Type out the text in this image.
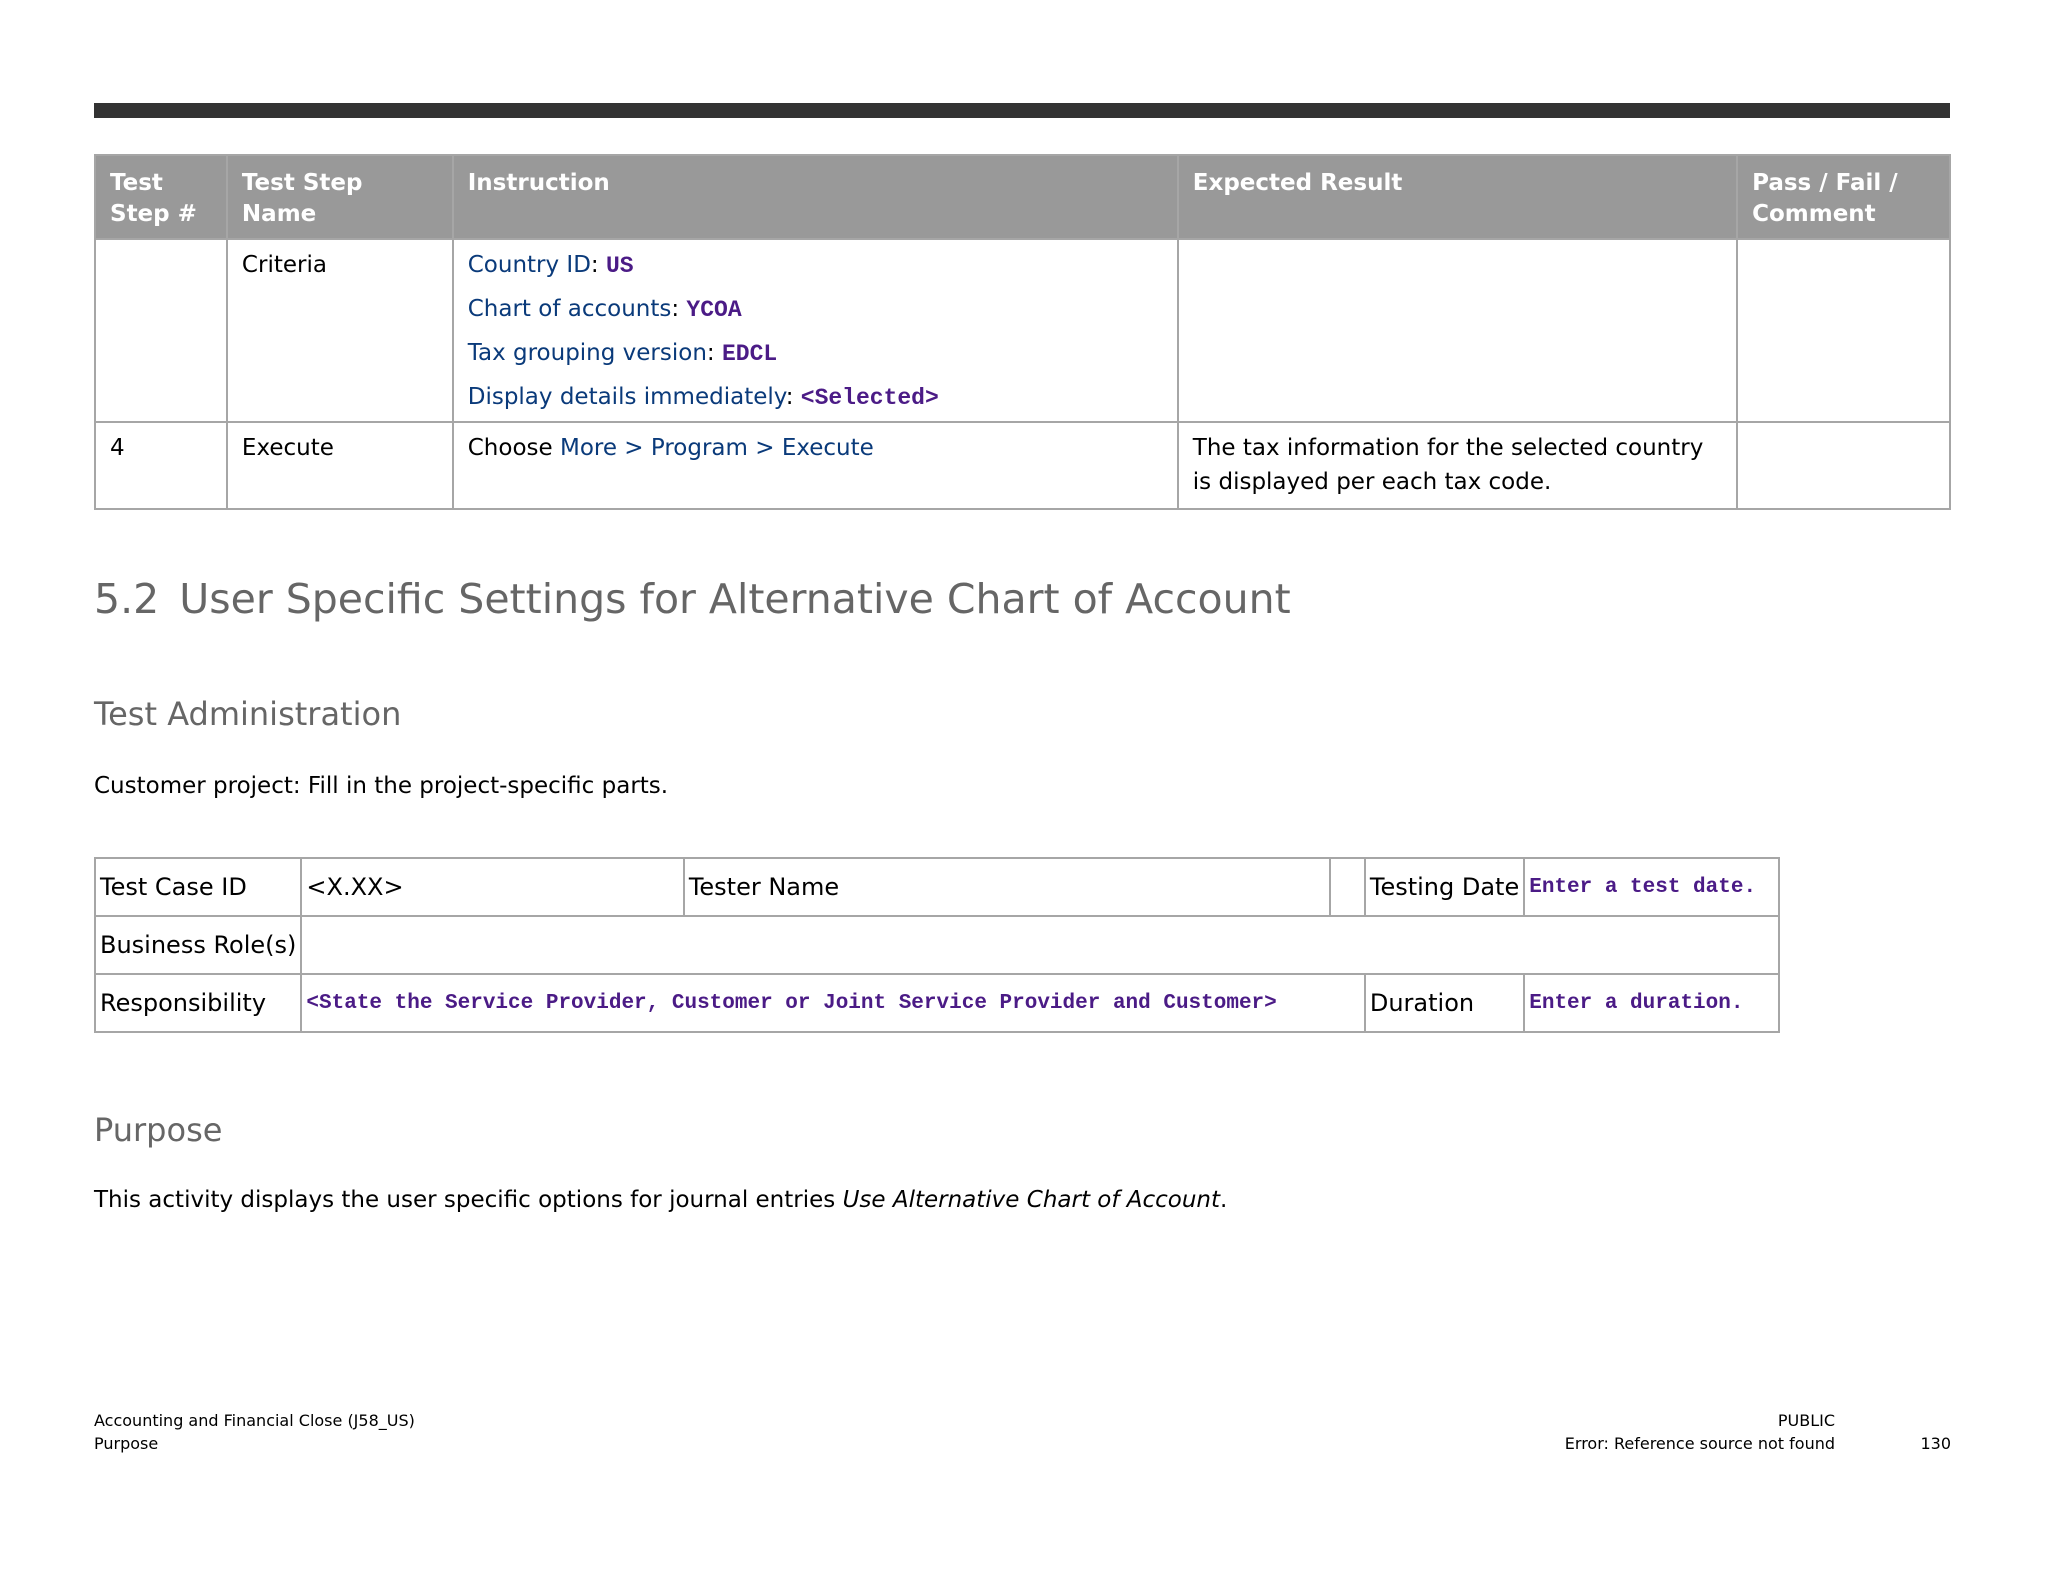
Test Step #	Test Step Name	Instruction	Expected Result	Pass / Fail / Comment
	Criteria	Country ID: US
Chart of accounts: YCOA
Tax grouping version: EDCL
Display details immediately: <Selected>		

4	Execute	Choose More > Program > Execute	The tax information for the selected country is displayed per each tax code.	
5.2 User Specific Settings for Alternative Chart of Account
Test Administration
Customer project: Fill in the project-specific parts.
Test Case ID	<X.XX>	Tester Name		Testing Date	Enter a test date.
Business Role(s)					
Responsibility	<State the Service Provider, Customer or Joint Service Provider and Customer>			Duration	Enter a duration.
Purpose
This activity displays the user specific options for journal entries Use Alternative Chart of Account.
Accounting and Financial Close (J58_US)
Purpose
PUBLIC
Error: Reference source not found	130
